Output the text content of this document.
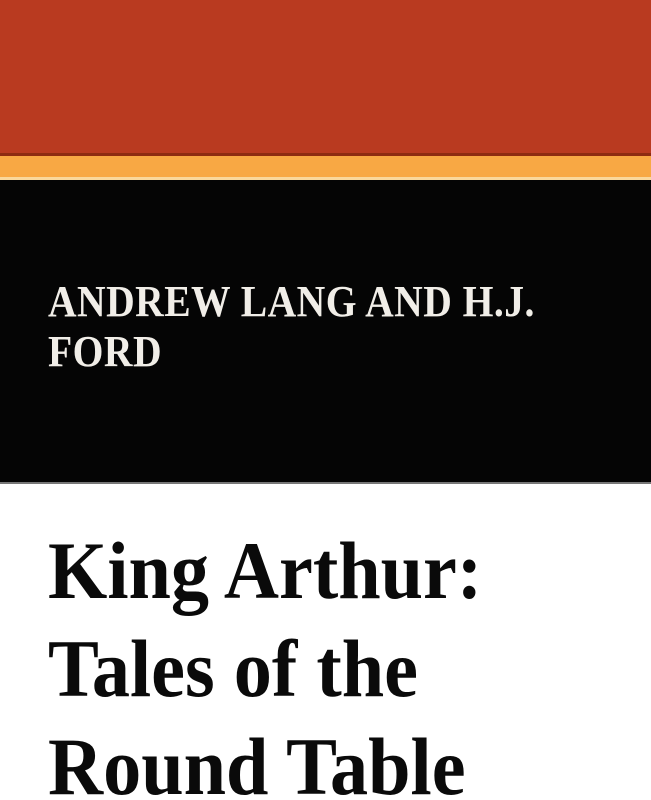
ANDREW LANG AND H.J.
FORD
King Arthur:
Tales of the
Round Table
